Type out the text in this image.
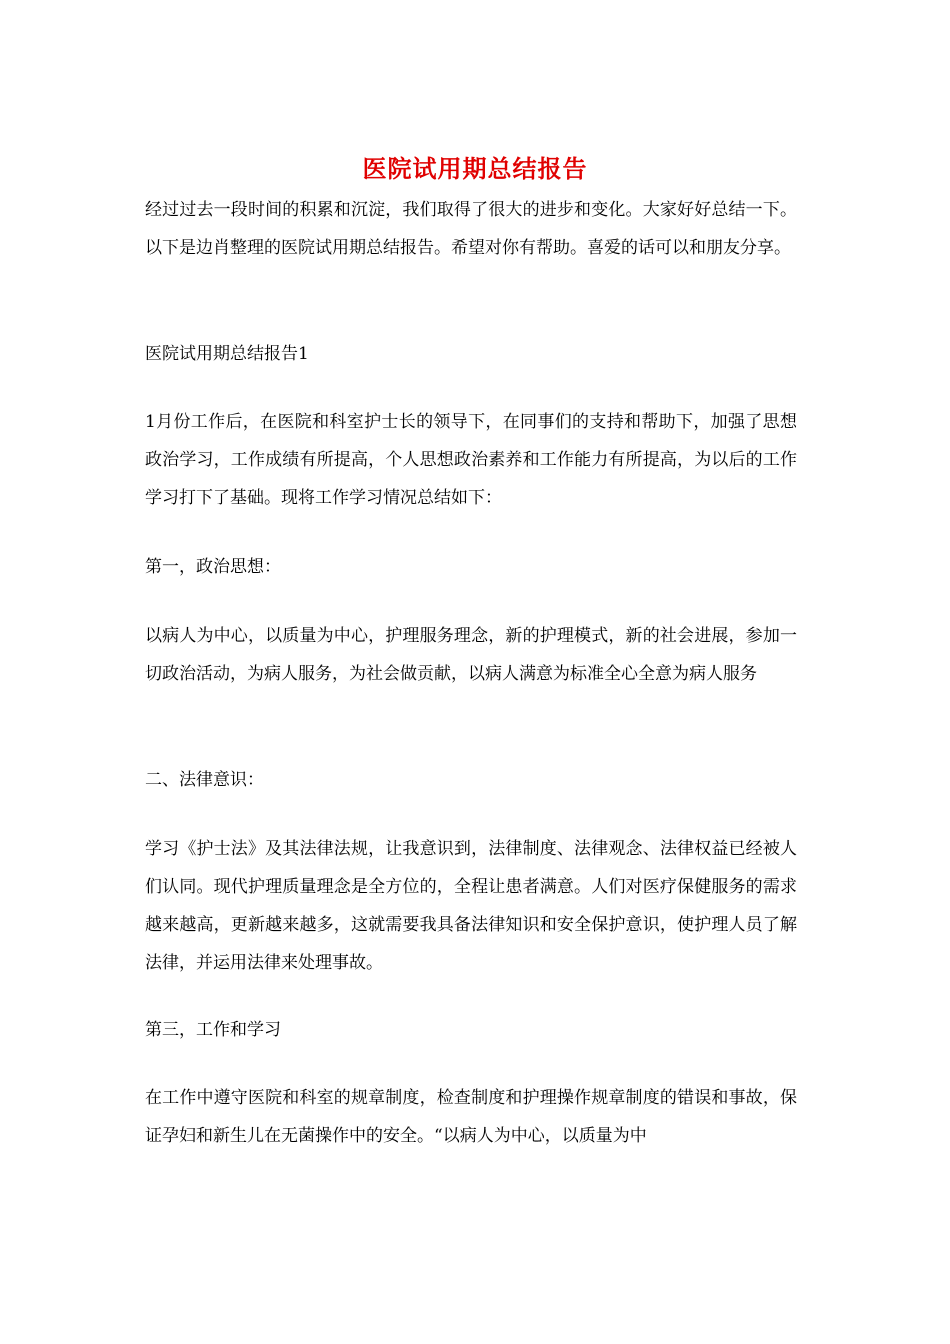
医院试用期总结报告

经过过去一段时间的积累和沉淀，我们取得了很大的进步和变化。大家好好总结一下。以下是边肖整理的医院试用期总结报告。希望对你有帮助。喜爱的话可以和朋友分享。

医院试用期总结报告1

1月份工作后，在医院和科室护士长的领导下，在同事们的支持和帮助下，加强了思想政治学习，工作成绩有所提高，个人思想政治素养和工作能力有所提高，为以后的工作学习打下了基础。现将工作学习情况总结如下：

第一，政治思想：

以病人为中心，以质量为中心，护理服务理念，新的护理模式，新的社会进展，参加一切政治活动，为病人服务，为社会做贡献，以病人满意为标准全心全意为病人服务

二、法律意识：

学习《护士法》及其法律法规，让我意识到，法律制度、法律观念、法律权益已经被人们认同。现代护理质量理念是全方位的，全程让患者满意。人们对医疗保健服务的需求越来越高，更新越来越多，这就需要我具备法律知识和安全保护意识，使护理人员了解法律，并运用法律来处理事故。

第三，工作和学习

在工作中遵守医院和科室的规章制度，检查制度和护理操作规章制度的错误和事故，保证孕妇和新生儿在无菌操作中的安全。“以病人为中心，以质量为中
